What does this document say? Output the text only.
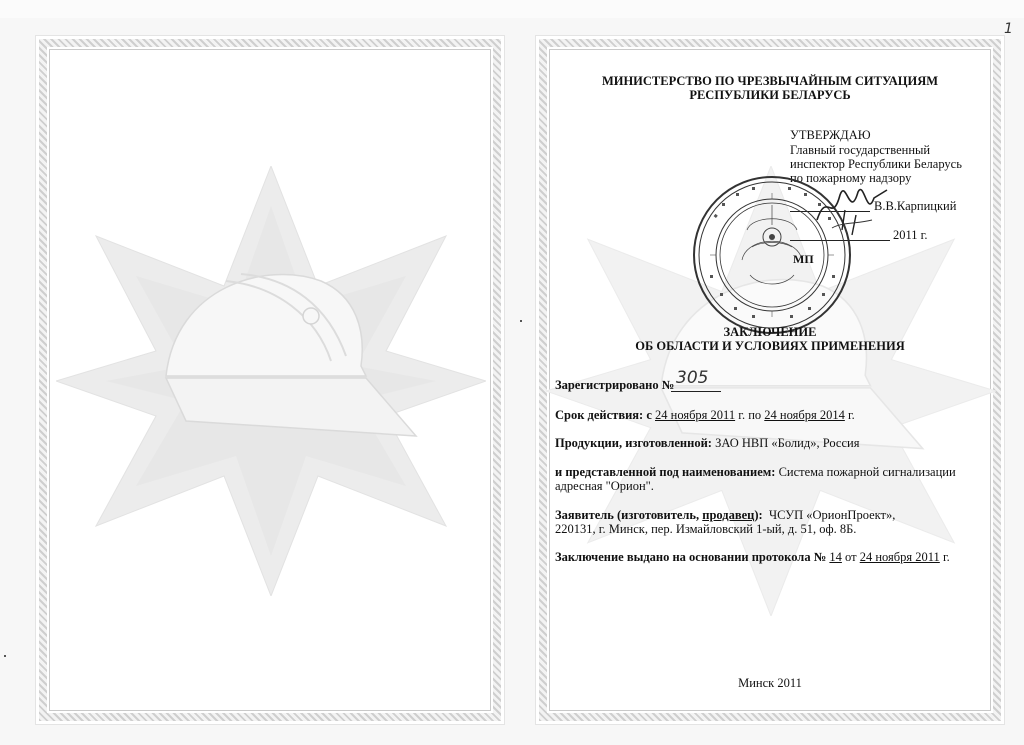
1
МИНИСТЕРСТВО ПО ЧРЕЗВЫЧАЙНЫМ СИТУАЦИЯМ
РЕСПУБЛИКИ БЕЛАРУСЬ
УТВЕРЖДАЮ
Главный государственный
инспектор Республики Беларусь
по пожарному надзору
В.В.Карпицкий
2011 г.
МП
ЗАКЛЮЧЕНИЕ
ОБ ОБЛАСТИ И УСЛОВИЯХ ПРИМЕНЕНИЯ
Зарегистрировано № 305
Срок действия: с 24 ноября 2011 г. по 24 ноября 2014 г.
Продукции, изготовленной: ЗАО НВП «Болид», Россия
и представленной под наименованием: Система пожарной сигнализации
адресная "Орион".
Заявитель (изготовитель, продавец): ЧСУП «ОрионПроект»,
220131, г. Минск, пер. Измайловский 1-ый, д. 51, оф. 8Б.
Заключение выдано на основании протокола № 14 от 24 ноября 2011 г.
Минск 2011
